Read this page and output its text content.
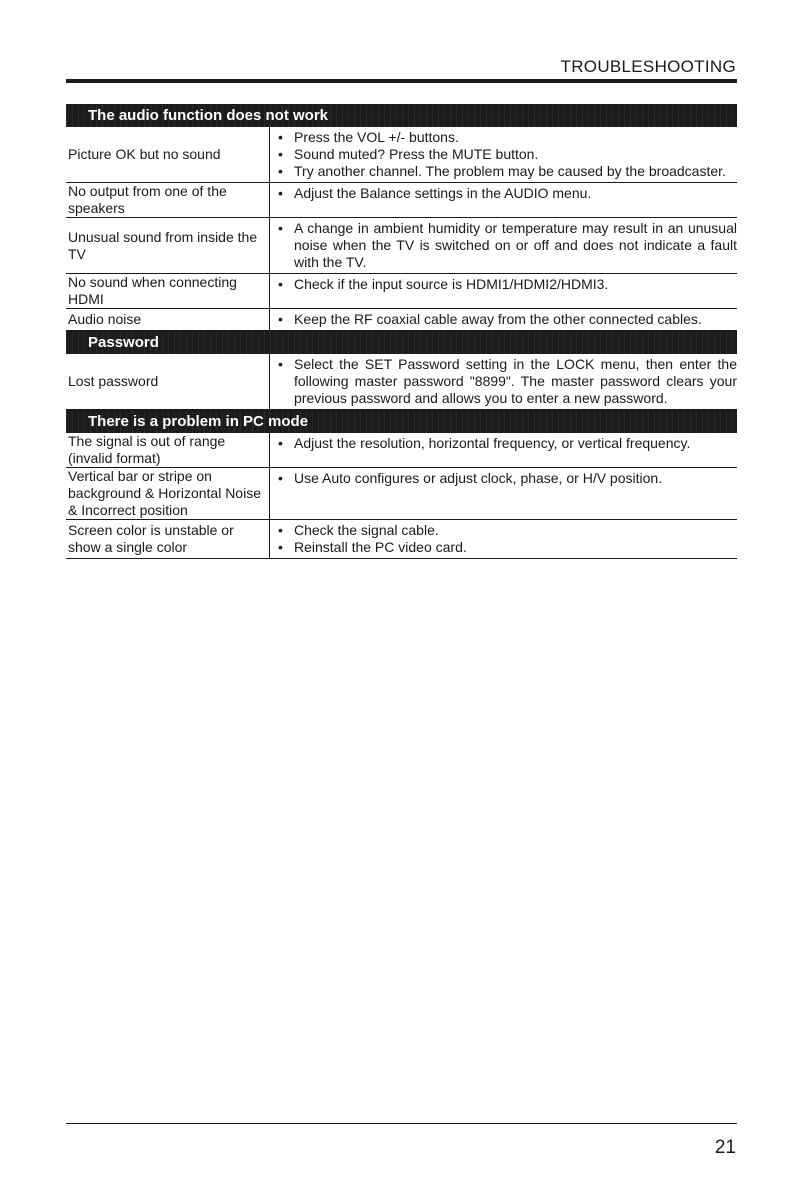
TROUBLESHOOTING
The audio function does not work
Picture OK but no sound
• Press the VOL +/- buttons.
• Sound muted? Press the MUTE button.
• Try another channel. The problem may be caused by the broadcaster.
No output from one of the speakers
• Adjust the Balance settings in the AUDIO menu.
Unusual sound from inside the TV
• A change in ambient humidity or temperature may result in an unusual noise when the TV is switched on or off and does not indicate a fault with the TV.
No sound when connecting HDMI
• Check if the input source is HDMI1/HDMI2/HDMI3.
Audio noise	• Keep the RF coaxial cable away from the other connected cables.
Password
Lost password
• Select the SET Password setting in the LOCK menu, then enter the following master password "8899". The master password clears your previous password and allows you to enter a new password.
There is a problem in PC mode
The signal is out of range (invalid format)
• Adjust the resolution, horizontal frequency, or vertical frequency.
Vertical bar or stripe on background & Horizontal Noise & Incorrect position
• Use Auto configures or adjust clock, phase, or H/V position.
Screen color is unstable or show a single color
• Check the signal cable.
• Reinstall the PC video card.
21
